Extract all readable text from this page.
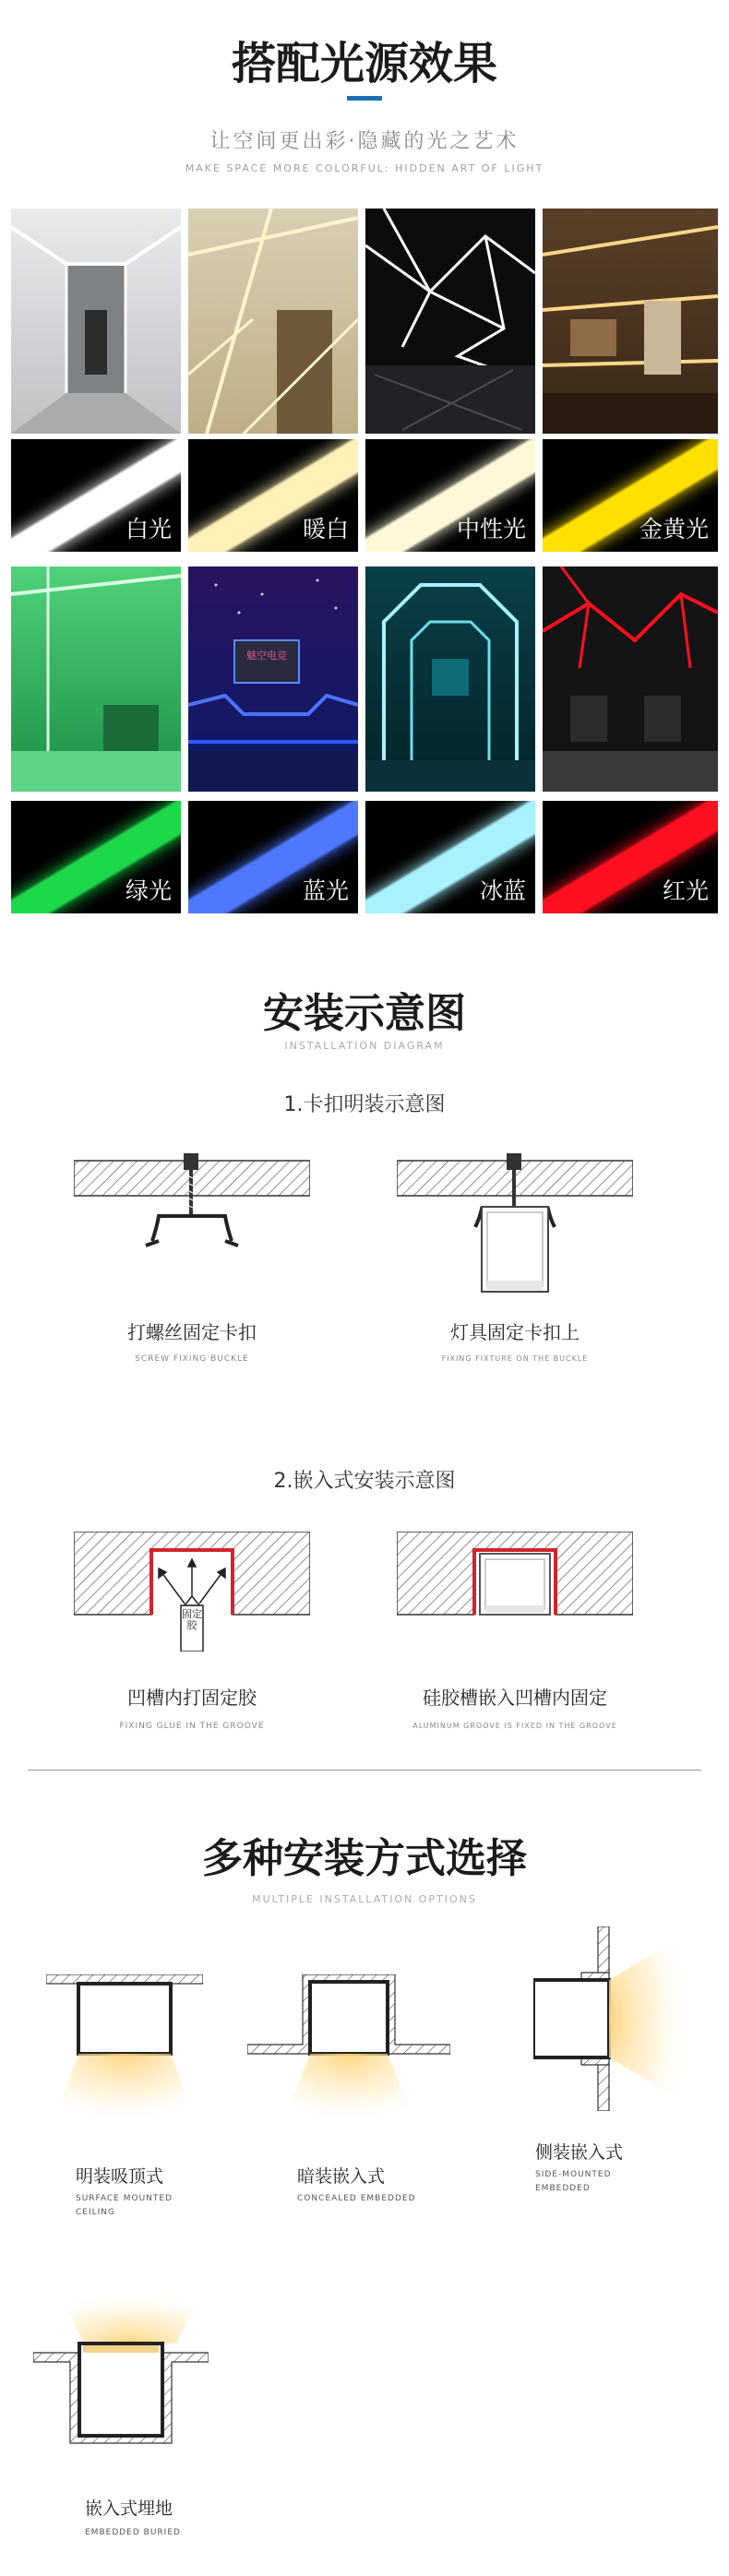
搭配光源效果
让空间更出彩·隐藏的光之艺术
MAKE SPACE MORE COLORFUL: HIDDEN ART OF LIGHT
白光	暖白	中性光	金黄光
魅空电竞
绿光	蓝光	冰蓝	红光
安装示意图
INSTALLATION DIAGRAM
1.卡扣明装示意图
打螺丝固定卡扣
SCREW FIXING BUCKLE
灯具固定卡扣上
FIXING FIXTURE ON THE BUCKLE
2.嵌入式安装示意图
固定胶
凹槽内打固定胶
FIXING GLUE IN THE GROOVE
硅胶槽嵌入凹槽内固定
ALUMINUM GROOVE IS FIXED IN THE GROOVE
多种安装方式选择
MULTIPLE INSTALLATION OPTIONS
明装吸顶式
SURFACE MOUNTED
CEILING
暗装嵌入式
CONCEALED EMBEDDED
侧装嵌入式
SIDE-MOUNTED
EMBEDDED
嵌入式埋地
EMBEDDED BURIED
